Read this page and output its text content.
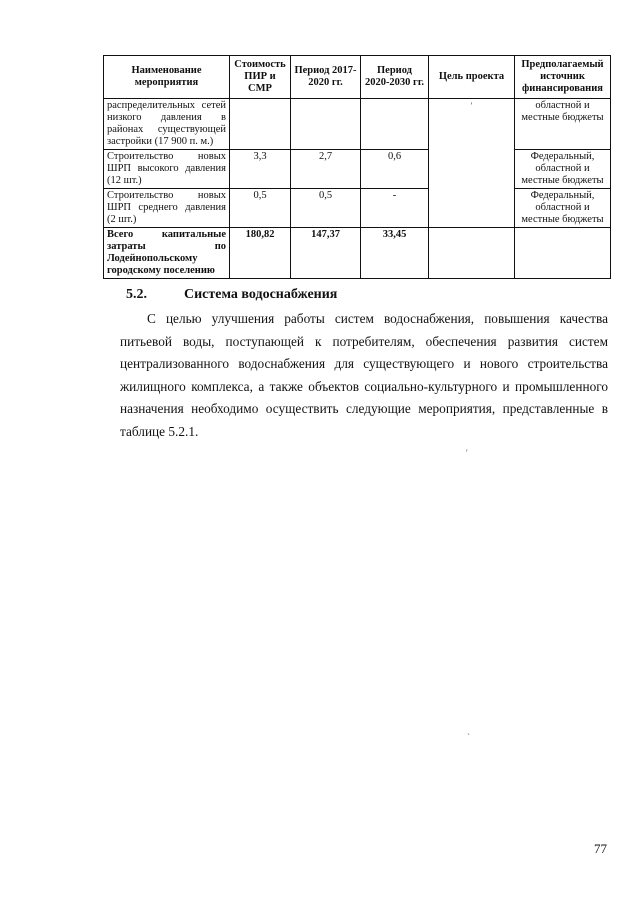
Наименование мероприятия	Стоимость ПИР и СМР	Период 2017-2020 гг.	Период 2020-2030 гг.	Цель проекта	Предполагаемый источник финансирования
распределительных сетей низкого давления в районах существующей застройки (17 900 п. м.)				'	областной и местные бюджеты
Строительство новых ШРП высокого давления (12 шт.)	3,3	2,7	0,6		Федеральный, областной и местные бюджеты
Строительство новых ШРП среднего давления (2 шт.)	0,5	0,5	-		Федеральный, областной и местные бюджеты
Всего капитальные затраты по Лодейнопольскому городскому поселению	180,82	147,37	33,45		
5.2.	Система водоснабжения

С целью улучшения работы систем водоснабжения, повышения качества питьевой воды, поступающей к потребителям, обеспечения развития систем централизованного водоснабжения для существующего и нового строительства жилищного комплекса, а также объектов социально-культурного и промышленного назначения необходимо осуществить следующие мероприятия, представленные в таблице 5.2.1.

'
`
77
